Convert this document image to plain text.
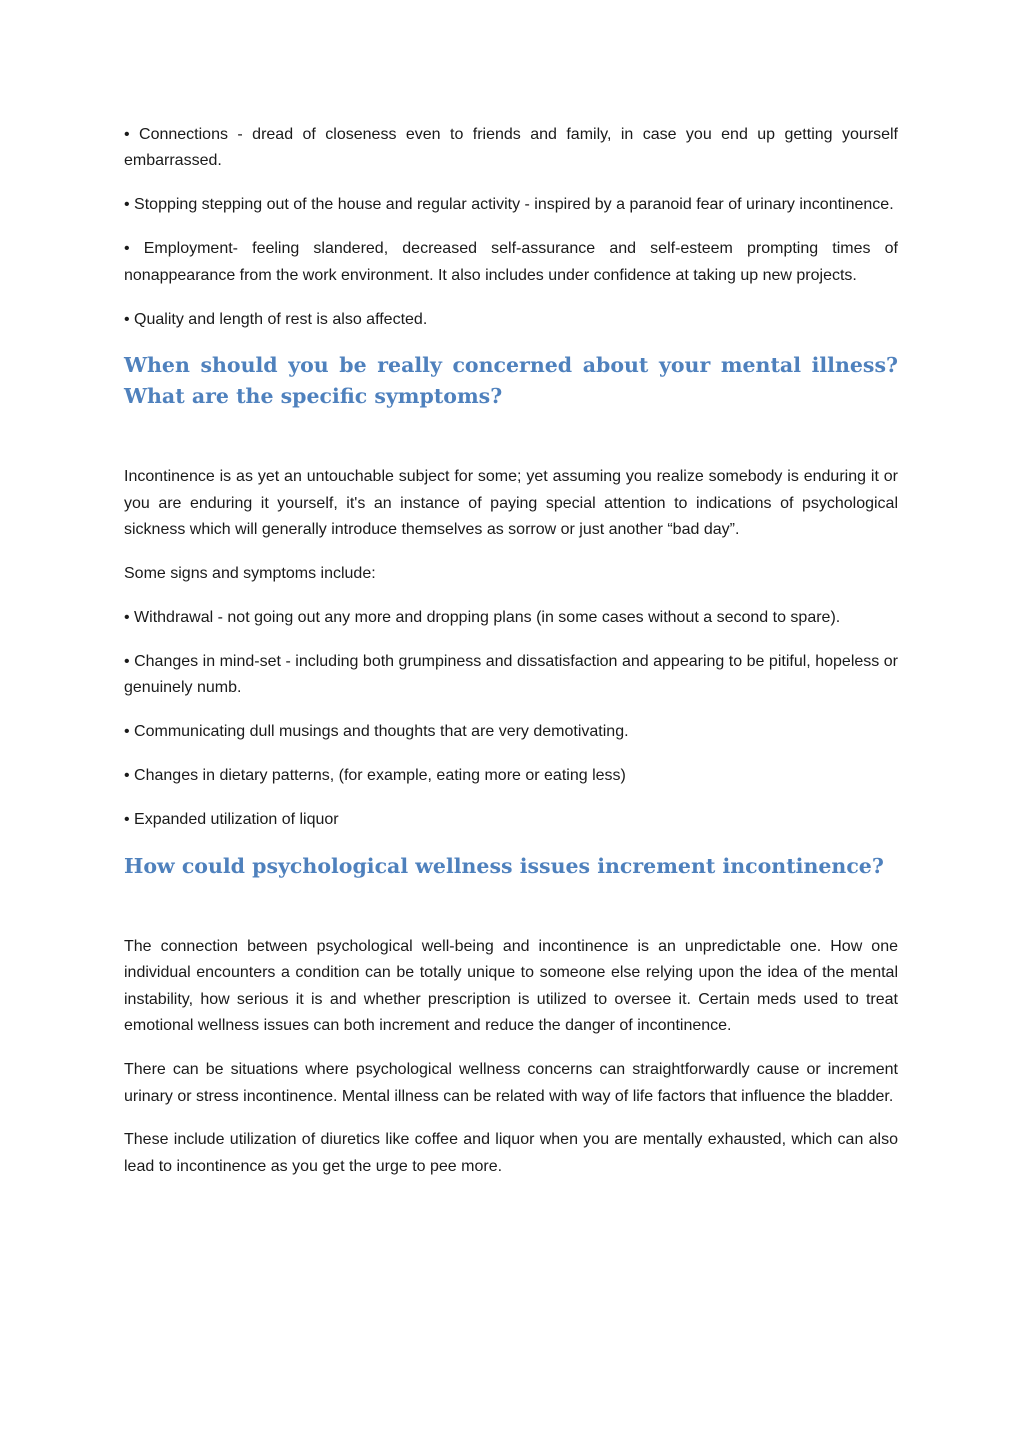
• Connections - dread of closeness even to friends and family, in case you end up getting yourself embarrassed.

• Stopping stepping out of the house and regular activity - inspired by a paranoid fear of urinary incontinence.

• Employment- feeling slandered, decreased self-assurance and self-esteem prompting times of nonappearance from the work environment. It also includes under confidence at taking up new projects.

• Quality and length of rest is also affected.

When should you be really concerned about your mental illness? What are the specific symptoms?

Incontinence is as yet an untouchable subject for some; yet assuming you realize somebody is enduring it or you are enduring it yourself, it's an instance of paying special attention to indications of psychological sickness which will generally introduce themselves as sorrow or just another “bad day”.

Some signs and symptoms include:

• Withdrawal - not going out any more and dropping plans (in some cases without a second to spare).

• Changes in mind-set - including both grumpiness and dissatisfaction and appearing to be pitiful, hopeless or genuinely numb.

• Communicating dull musings and thoughts that are very demotivating.

• Changes in dietary patterns, (for example, eating more or eating less)

• Expanded utilization of liquor

How could psychological wellness issues increment incontinence?

The connection between psychological well-being and incontinence is an unpredictable one. How one individual encounters a condition can be totally unique to someone else relying upon the idea of the mental instability, how serious it is and whether prescription is utilized to oversee it. Certain meds used to treat emotional wellness issues can both increment and reduce the danger of incontinence.

There can be situations where psychological wellness concerns can straightforwardly cause or increment urinary or stress incontinence. Mental illness can be related with way of life factors that influence the bladder.

These include utilization of diuretics like coffee and liquor when you are mentally exhausted, which can also lead to incontinence as you get the urge to pee more.
